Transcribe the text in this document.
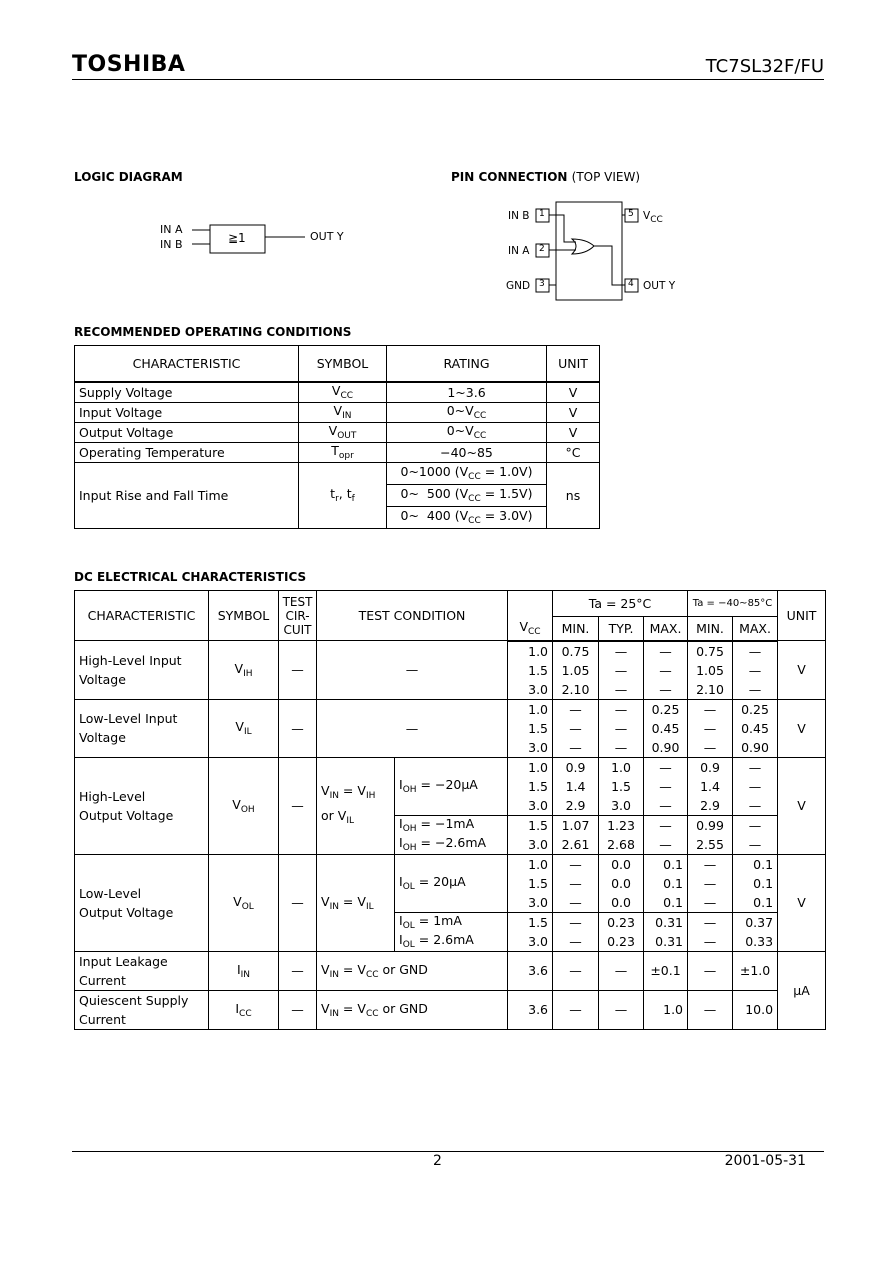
TOSHIBA	TC7SL32F/FU
LOGIC DIAGRAM
IN A
IN B	≧1	OUT Y
PIN CONNECTION (TOP VIEW)
IN B 1
IN A 2
GND 3	OUT Y
4
$V_{CC}$
5
RECOMMENDED OPERATING CONDITIONS
CHARACTERISTIC	SYMBOL	RATING	UNIT
Supply Voltage	$V_{CC}$	1~3.6	V
Input Voltage	$V_{IN}$	$0\sim V_{CC}$	V
Output Voltage	$V_{OUT}$	$0\sim V_{CC}$	V
Operating Temperature	$T_{opr}$	−40~85	°C
Input Rise and Fall Time	$t_r$, $t_f$	0~1000 $(V_{CC} = 1.0V)$	ns
		0~  500 $(V_{CC} = 1.5V)$	
		0~  400 $(V_{CC} = 3.0V)$	
DC ELECTRICAL CHARACTERISTICS
CHARACTERISTIC	SYMBOL	TEST CIR- CUIT	TEST CONDITION			Ta = 25°C			Ta = −40~85°C		UNIT
					$V_{CC}$	MIN.	TYP.	MAX.	MIN.	MAX.	
High-Level Input
Voltage	$V_{IH}$	—	—		1.0	0.75	—	—	0.75	—	V
					1.5	1.05	—	—	1.05	—	
					3.0	2.10	—	—	2.10	—	
Low-Level Input
Voltage	$V_{IL}$	—	—		1.0	—	—	0.25	—	0.25	V
					1.5	—	—	0.45	—	0.45	
					3.0	—	—	0.90	—	0.90	
High-Level
Output Voltage	$V_{OH}$	—	$V_{IN} = V_{IH}$
or $V_{IL}$	$I_{OH} = -20\mu A$	1.0	0.9	1.0	—	0.9	—	V
					1.5	1.4	1.5	—	1.4	—	
					3.0	2.9	3.0	—	2.9	—	
				$I_{OH} = -1mA$	1.5	1.07	1.23	—	0.99	—	
				$I_{OH} = -2.6mA$	3.0	2.61	2.68	—	2.55	—	
Low-Level
Output Voltage	$V_{OL}$	—	$V_{IN} = V_{IL}$	$I_{OL} = 20\mu A$	1.0	—	0.0	0.1	—	0.1	V
					1.5	—	0.0	0.1	—	0.1	
					3.0	—	0.0	0.1	—	0.1	
				$I_{OL} = 1mA$	1.5	—	0.23	0.31	—	0.37	
				$I_{OL} = 2.6mA$	3.0	—	0.23	0.31	—	0.33	
Input Leakage
Current	$I_{IN}$	—	$V_{IN} = V_{CC}$ or GND		3.6	—	—	±0.1	—	±1.0	μA
Quiescent Supply
Current	$I_{CC}$	—	$V_{IN} = V_{CC}$ or GND		3.6	—	—	1.0	—	10.0	
2	2001-05-31
